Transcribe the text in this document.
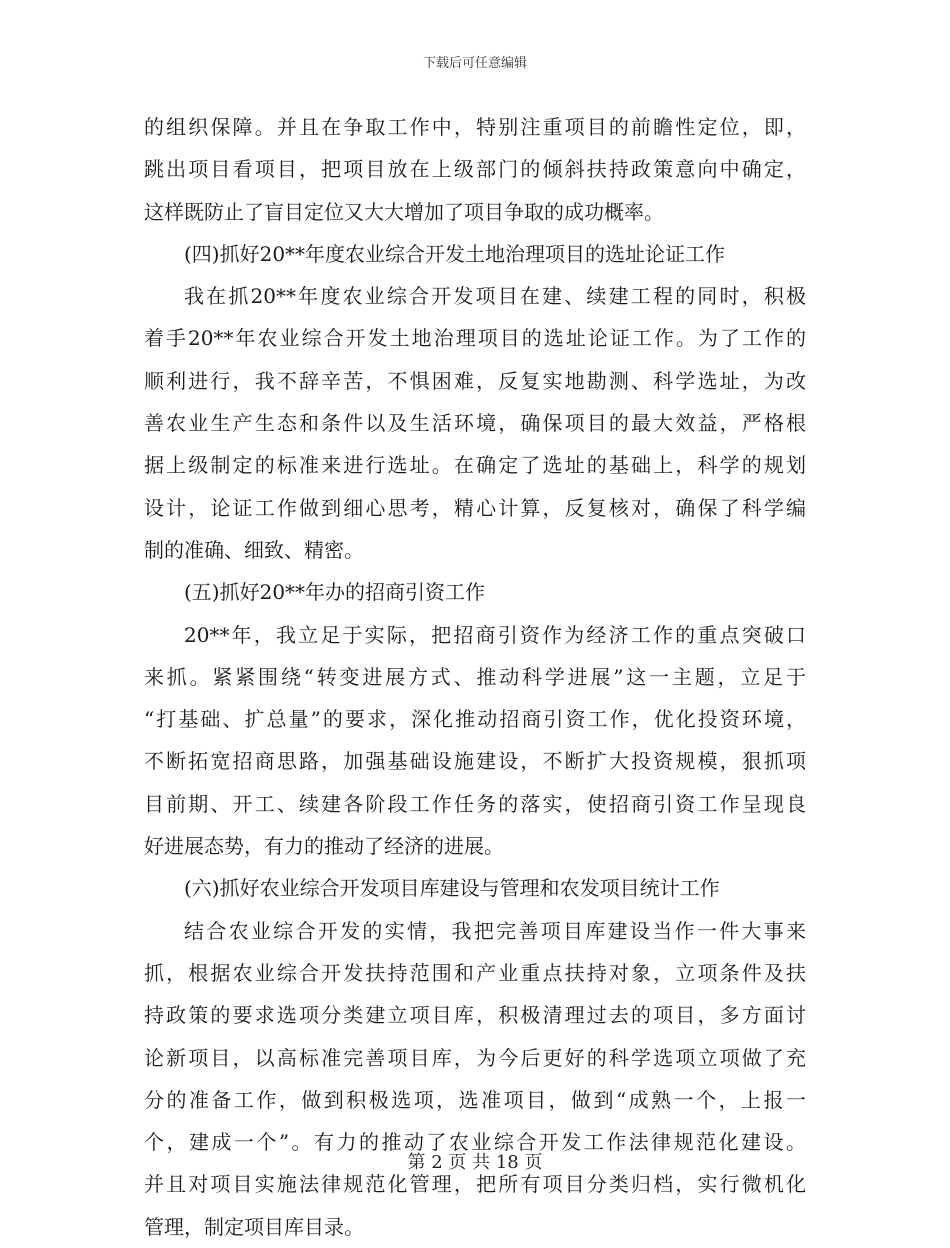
下载后可任意编辑
的组织保障。并且在争取工作中，特别注重项目的前瞻性定位，即，
跳出项目看项目，把项目放在上级部门的倾斜扶持政策意向中确定，
这样既防止了盲目定位又大大增加了项目争取的成功概率。
(四)抓好20**年度农业综合开发土地治理项目的选址论证工作
我在抓20**年度农业综合开发项目在建、续建工程的同时，积极
着手20**年农业综合开发土地治理项目的选址论证工作。为了工作的
顺利进行，我不辞辛苦，不惧困难，反复实地勘测、科学选址，为改
善农业生产生态和条件以及生活环境，确保项目的最大效益，严格根
据上级制定的标准来进行选址。在确定了选址的基础上，科学的规划
设计，论证工作做到细心思考，精心计算，反复核对，确保了科学编
制的准确、细致、精密。
(五)抓好20**年办的招商引资工作
20**年，我立足于实际，把招商引资作为经济工作的重点突破口
来抓。紧紧围绕“转变进展方式、推动科学进展”这一主题，立足于
“打基础、扩总量”的要求，深化推动招商引资工作，优化投资环境，
不断拓宽招商思路，加强基础设施建设，不断扩大投资规模，狠抓项
目前期、开工、续建各阶段工作任务的落实，使招商引资工作呈现良
好进展态势，有力的推动了经济的进展。
(六)抓好农业综合开发项目库建设与管理和农发项目统计工作
结合农业综合开发的实情，我把完善项目库建设当作一件大事来
抓，根据农业综合开发扶持范围和产业重点扶持对象，立项条件及扶
持政策的要求选项分类建立项目库，积极清理过去的项目，多方面讨
论新项目，以高标准完善项目库，为今后更好的科学选项立项做了充
分的准备工作，做到积极选项，选准项目，做到“成熟一个，上报一
个，建成一个”。有力的推动了农业综合开发工作法律规范化建设。
并且对项目实施法律规范化管理，把所有项目分类归档，实行微机化
管理，制定项目库目录。
第 2 页 共 18 页
